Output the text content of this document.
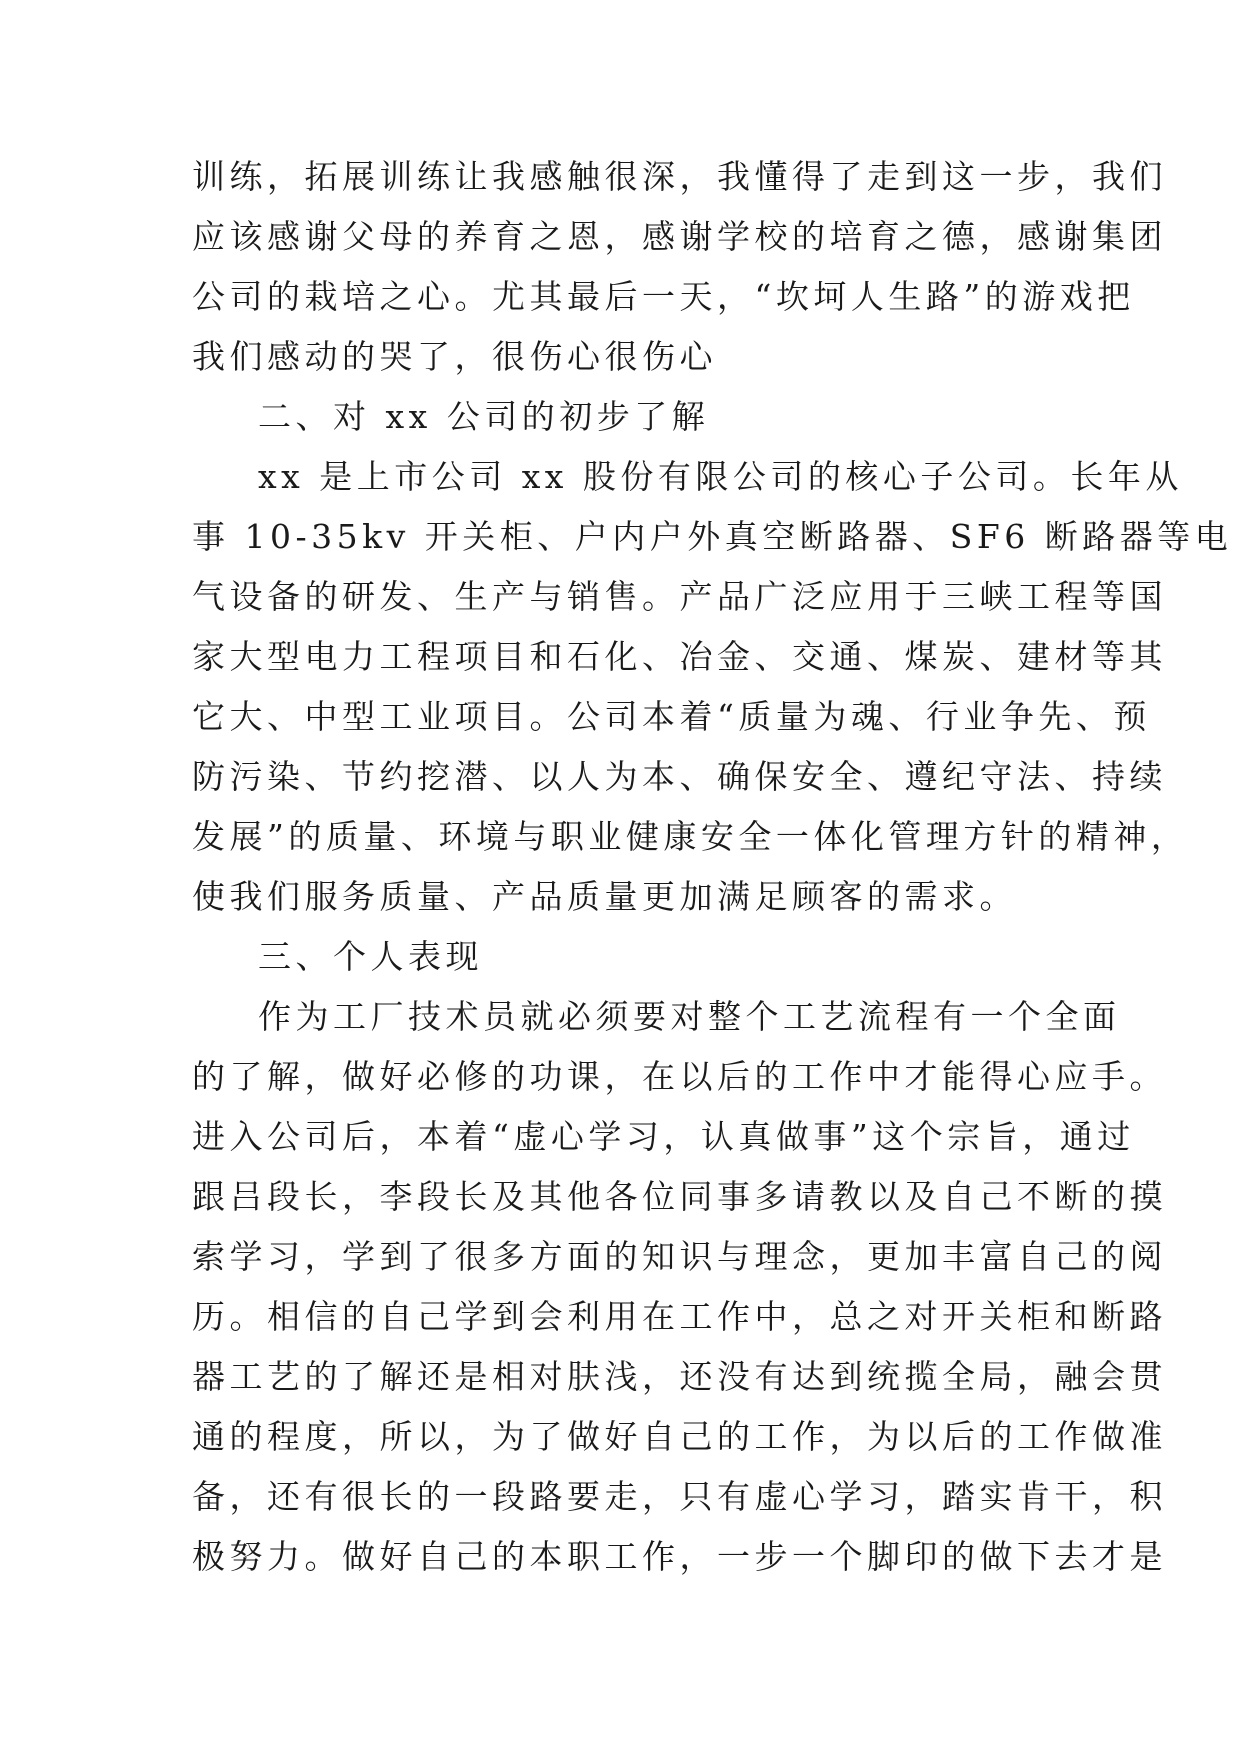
训练，拓展训练让我感触很深，我懂得了走到这一步，我们
应该感谢父母的养育之恩，感谢学校的培育之德，感谢集团
公司的栽培之心。尤其最后一天，“坎坷人生路”的游戏把
我们感动的哭了，很伤心很伤心
二、对 xx 公司的初步了解
xx 是上市公司 xx 股份有限公司的核心子公司。长年从
事 10-35kv 开关柜、户内户外真空断路器、SF6 断路器等电
气设备的研发、生产与销售。产品广泛应用于三峡工程等国
家大型电力工程项目和石化、冶金、交通、煤炭、建材等其
它大、中型工业项目。公司本着“质量为魂、行业争先、预
防污染、节约挖潜、以人为本、确保安全、遵纪守法、持续
发展”的质量、环境与职业健康安全一体化管理方针的精神，
使我们服务质量、产品质量更加满足顾客的需求。
三、个人表现
作为工厂技术员就必须要对整个工艺流程有一个全面
的了解，做好必修的功课，在以后的工作中才能得心应手。
进入公司后，本着“虚心学习，认真做事”这个宗旨，通过
跟吕段长，李段长及其他各位同事多请教以及自己不断的摸
索学习，学到了很多方面的知识与理念，更加丰富自己的阅
历。相信的自己学到会利用在工作中，总之对开关柜和断路
器工艺的了解还是相对肤浅，还没有达到统揽全局，融会贯
通的程度，所以，为了做好自己的工作，为以后的工作做准
备，还有很长的一段路要走，只有虚心学习，踏实肯干，积
极努力。做好自己的本职工作，一步一个脚印的做下去才是
